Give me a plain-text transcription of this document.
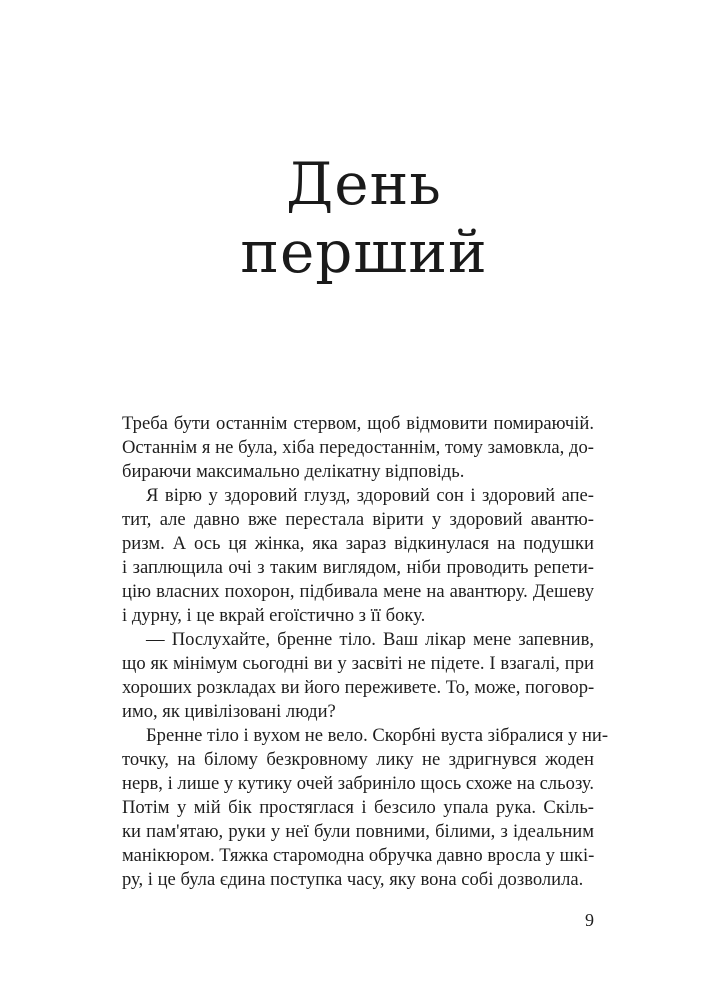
День
перший
Треба бути останнім стервом, щоб відмовити помираючій.
Останнім я не була, хіба передостаннім, тому замовкла, до-
бираючи максимально делікатну відповідь.
Я вірю у здоровий глузд, здоровий сон і здоровий апе-
тит, але давно вже перестала вірити у здоровий авантю-
ризм. А ось ця жінка, яка зараз відкинулася на подушки
і заплющила очі з таким виглядом, ніби проводить репети-
цію власних похорон, підбивала мене на авантюру. Дешеву
і дурну, і це вкрай егоїстично з її боку.
— Послухайте, бренне тіло. Ваш лікар мене запевнив,
що як мінімум сьогодні ви у засвіті не підете. І взагалі, при
хороших розкладах ви його переживете. То, може, поговор-
имо, як цивілізовані люди?
Бренне тіло і вухом не вело. Скорбні вуста зібралися у ни-
точку, на білому безкровному лику не здригнувся жоден
нерв, і лише у кутику очей забриніло щось схоже на сльозу.
Потім у мій бік простяглася і безсило упала рука. Скіль-
ки пам'ятаю, руки у неї були повними, білими, з ідеальним
манікюром. Тяжка старомодна обручка давно вросла у шкі-
ру, і це була єдина поступка часу, яку вона собі дозволила.
9
